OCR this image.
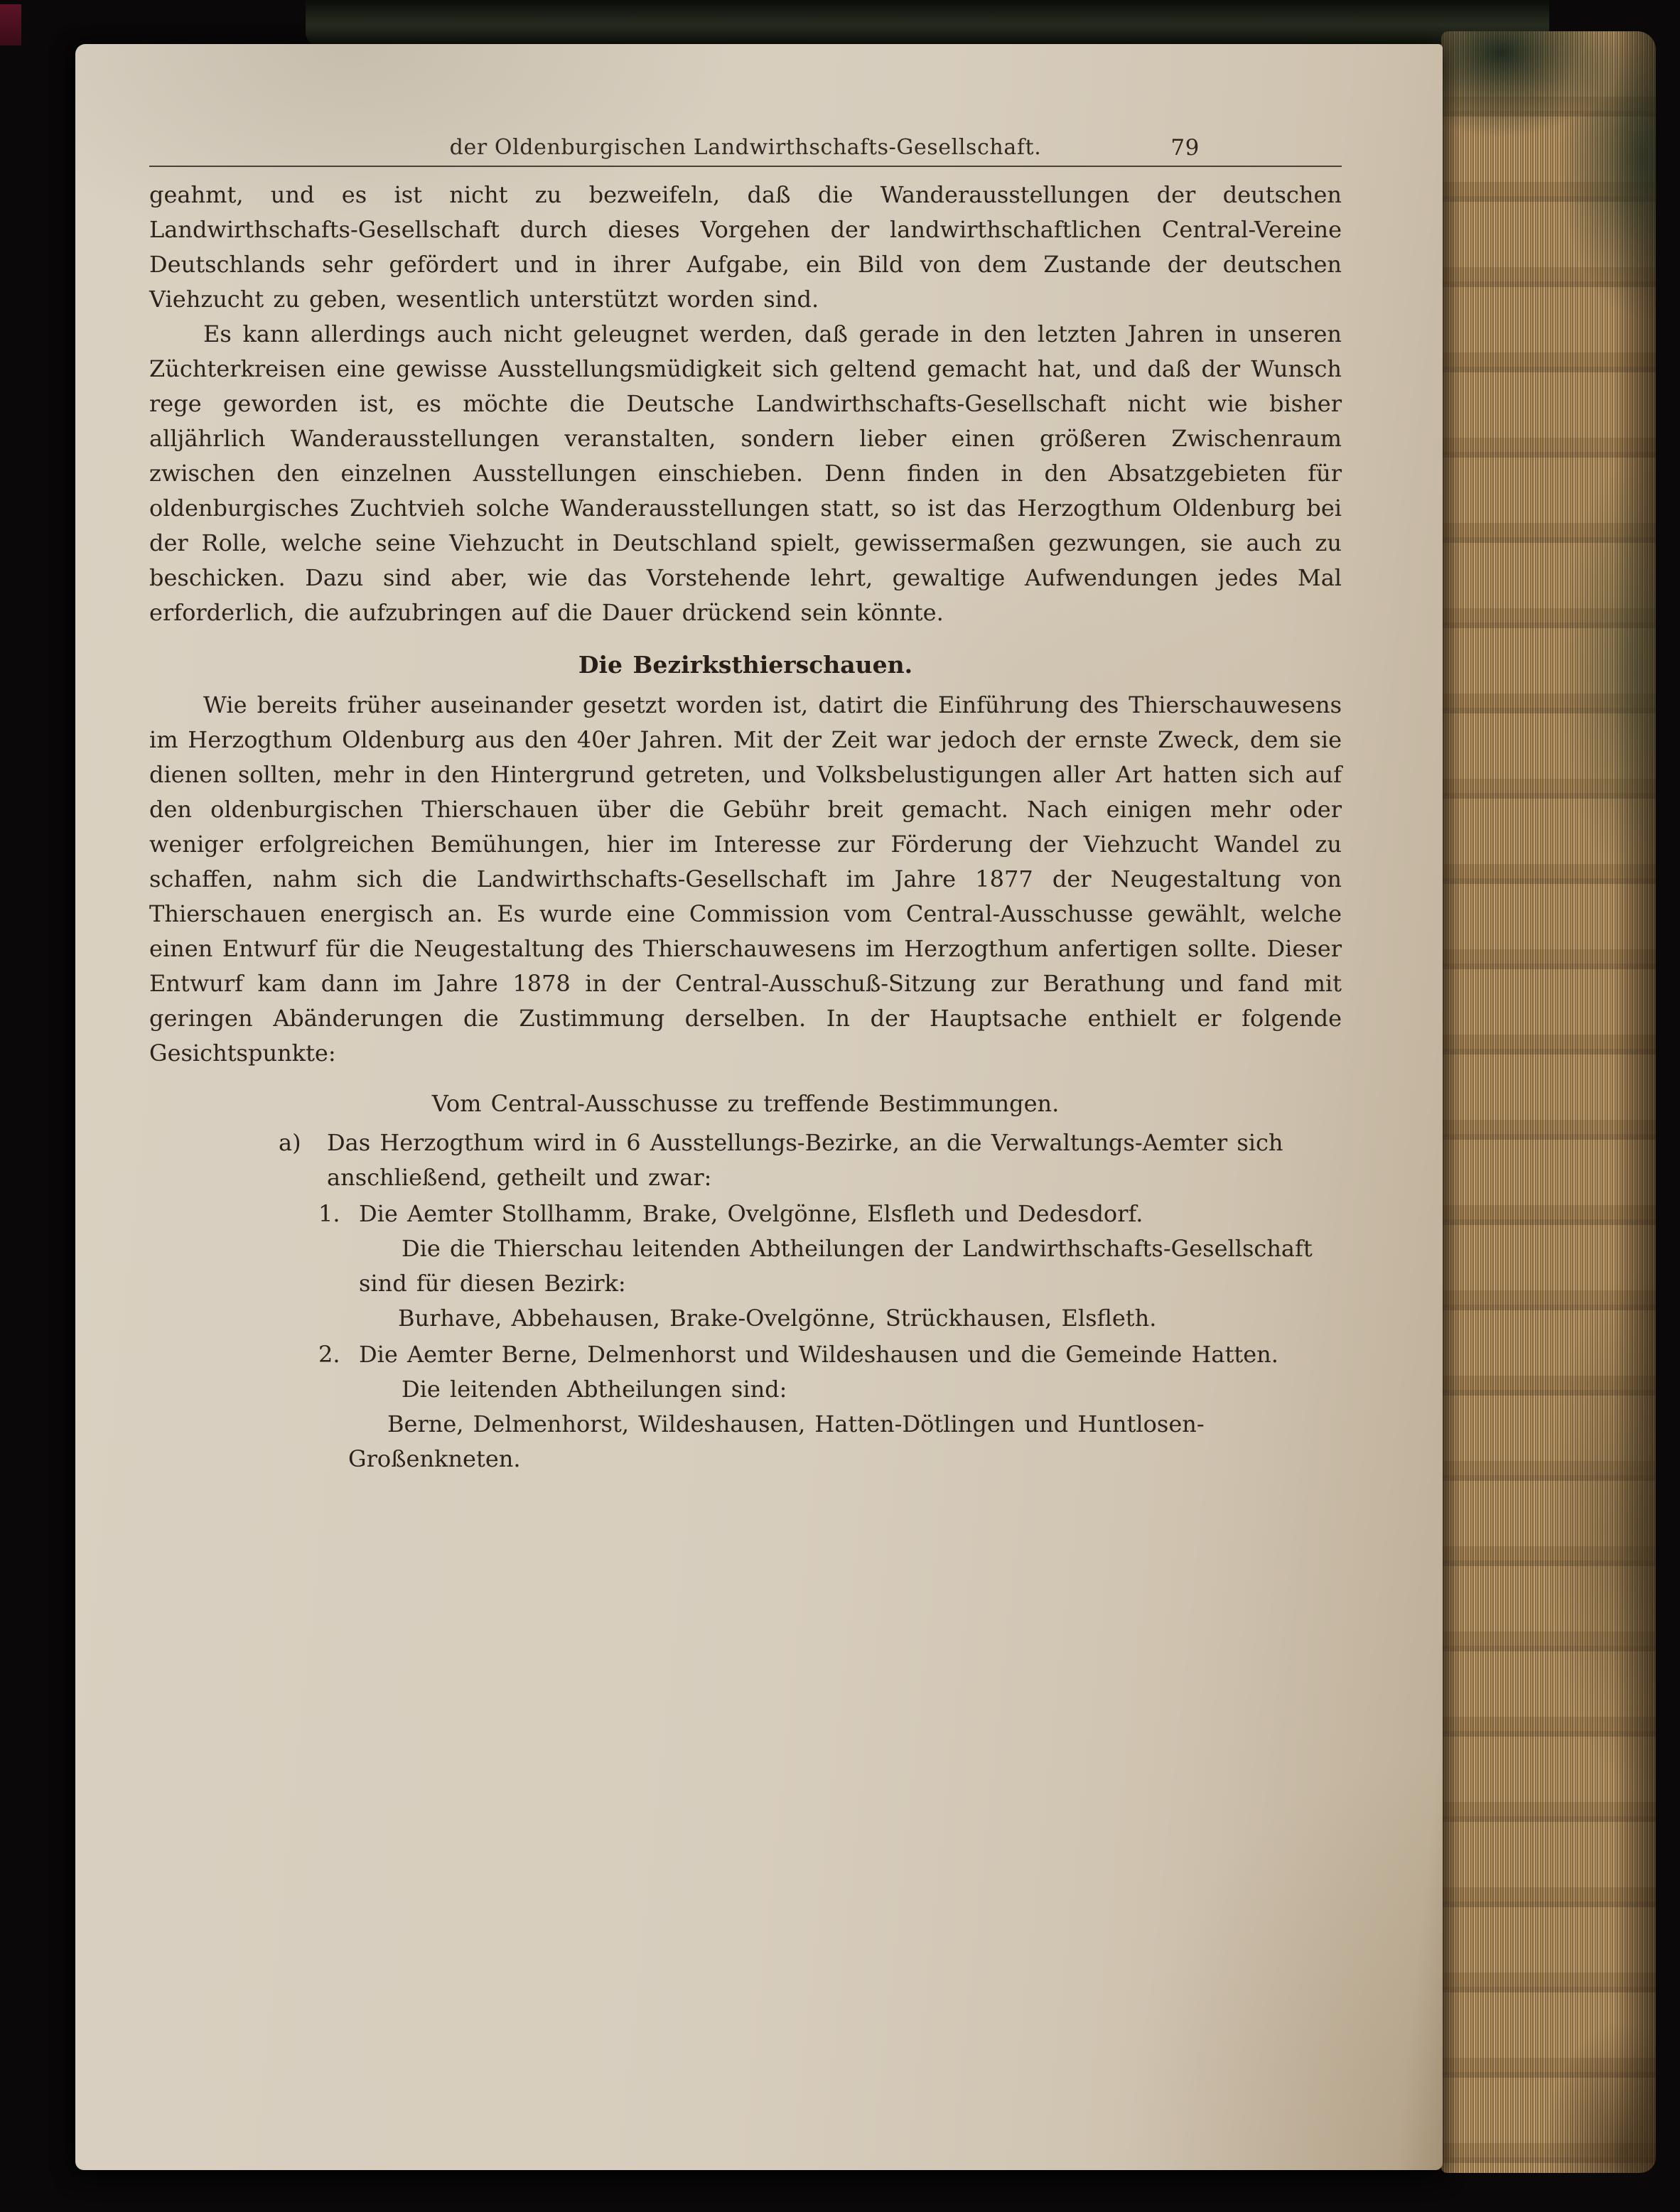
der Oldenburgischen Landwirthschafts-Gesellschaft.	79

geahmt, und es ist nicht zu bezweifeln, daß die Wanderausstellungen der deutschen Landwirthschafts-Gesellschaft durch dieses Vorgehen der landwirthschaftlichen Central-Vereine Deutschlands sehr gefördert und in ihrer Aufgabe, ein Bild von dem Zustande der deutschen Viehzucht zu geben, wesentlich unterstützt worden sind.

Es kann allerdings auch nicht geleugnet werden, daß gerade in den letzten Jahren in unseren Züchterkreisen eine gewisse Ausstellungsmüdigkeit sich geltend gemacht hat, und daß der Wunsch rege geworden ist, es möchte die Deutsche Landwirthschafts-Gesellschaft nicht wie bisher alljährlich Wanderausstellungen veranstalten, sondern lieber einen größeren Zwischenraum zwischen den einzelnen Ausstellungen einschieben. Denn finden in den Absatzgebieten für oldenburgisches Zuchtvieh solche Wanderausstellungen statt, so ist das Herzogthum Oldenburg bei der Rolle, welche seine Viehzucht in Deutschland spielt, gewissermaßen gezwungen, sie auch zu beschicken. Dazu sind aber, wie das Vorstehende lehrt, gewaltige Aufwendungen jedes Mal erforderlich, die aufzubringen auf die Dauer drückend sein könnte.

Die Bezirksthierschauen.

Wie bereits früher auseinander gesetzt worden ist, datirt die Einführung des Thierschauwesens im Herzogthum Oldenburg aus den 40er Jahren. Mit der Zeit war jedoch der ernste Zweck, dem sie dienen sollten, mehr in den Hintergrund getreten, und Volksbelustigungen aller Art hatten sich auf den oldenburgischen Thierschauen über die Gebühr breit gemacht. Nach einigen mehr oder weniger erfolgreichen Bemühungen, hier im Interesse zur Förderung der Viehzucht Wandel zu schaffen, nahm sich die Landwirthschafts-Gesellschaft im Jahre 1877 der Neugestaltung von Thierschauen energisch an. Es wurde eine Commission vom Central-Ausschusse gewählt, welche einen Entwurf für die Neugestaltung des Thierschauwesens im Herzogthum anfertigen sollte. Dieser Entwurf kam dann im Jahre 1878 in der Central-Ausschuß-Sitzung zur Berathung und fand mit geringen Abänderungen die Zustimmung derselben. In der Hauptsache enthielt er folgende Gesichtspunkte:

Vom Central-Ausschusse zu treffende Bestimmungen.

a) Das Herzogthum wird in 6 Ausstellungs-Bezirke, an die Verwaltungs-Aemter sich anschließend, getheilt und zwar:
1. Die Aemter Stollhamm, Brake, Ovelgönne, Elsfleth und Dedesdorf.
Die die Thierschau leitenden Abtheilungen der Landwirthschafts-Gesellschaft sind für diesen Bezirk:
Burhave, Abbehausen, Brake-Ovelgönne, Strückhausen, Elsfleth.
2. Die Aemter Berne, Delmenhorst und Wildeshausen und die Gemeinde Hatten.
Die leitenden Abtheilungen sind:
Berne, Delmenhorst, Wildeshausen, Hatten-Dötlingen und Huntlosen-Großenkneten.
